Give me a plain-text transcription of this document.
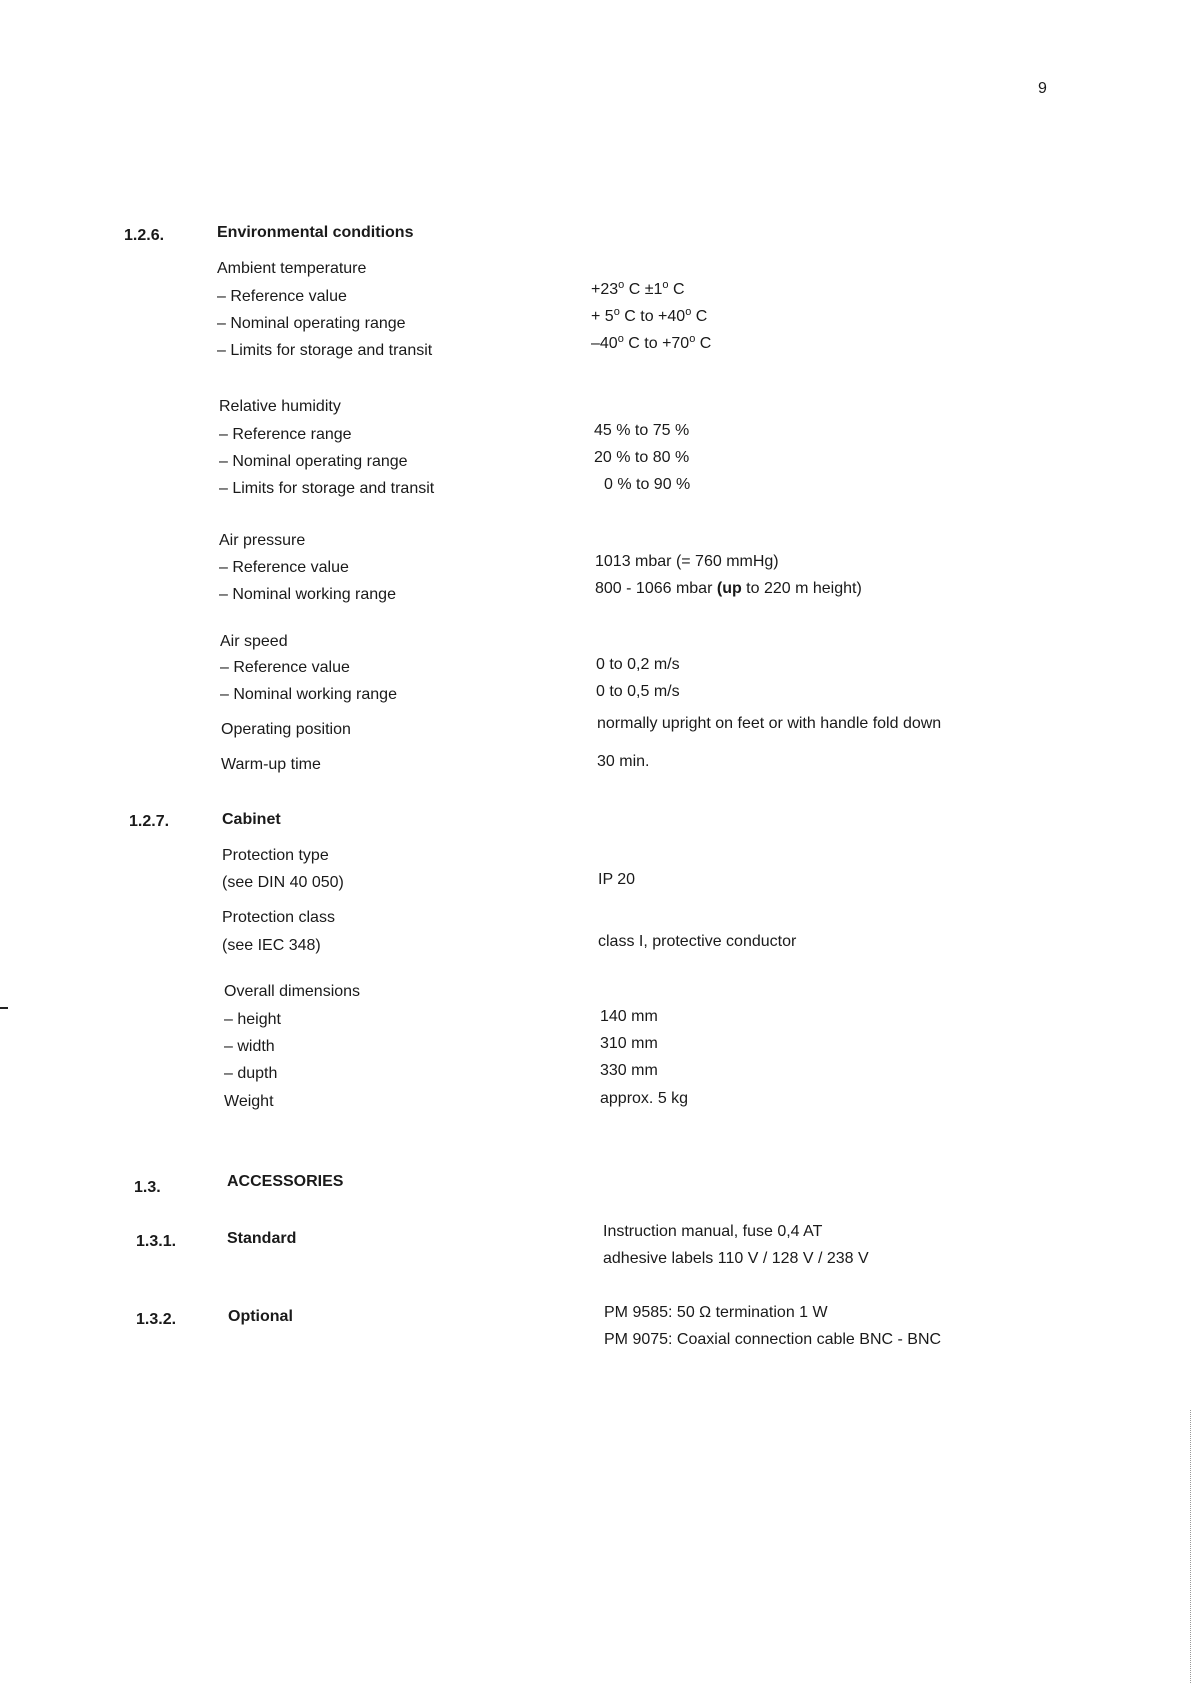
9
1.2.6.	Environmental conditions
Ambient temperature
– Reference value	$+23^o$ $C \pm 1^o$ C
– Nominal operating range	+ $5^o$ C to $+40^o$ C
– Limits for storage and transit	–40$^o$ C to $+70^o$ C
Relative humidity
– Reference range	45 % to 75 %
– Nominal operating range	20 % to 80 %
– Limits for storage and transit	0 % to 90 %
Air pressure
– Reference value	1013 mbar (= 760 mmHg)
– Nominal working range	800 - 1066 mbar (up to 220 m height)
Air speed
– Reference value	0 to 0,2 m/s
– Nominal working range	0 to 0,5 m/s
Operating position	normally upright on feet or with handle fold down
Warm-up time	30 min.
1.2.7.	Cabinet
Protection type
(see DIN 40 050)	IP 20
Protection class
(see IEC 348)	class I, protective conductor
Overall dimensions
– height	140 mm
– width	310 mm
– dupth	330 mm
Weight	approx. 5 kg
1.3.	ACCESSORIES
1.3.1.	Standard	Instruction manual, fuse 0,4 AT
adhesive labels 110 V / 128 V / 238 V
1.3.2.	Optional	PM 9585: 50 Ω termination 1 W
PM 9075: Coaxial connection cable BNC - BNC
